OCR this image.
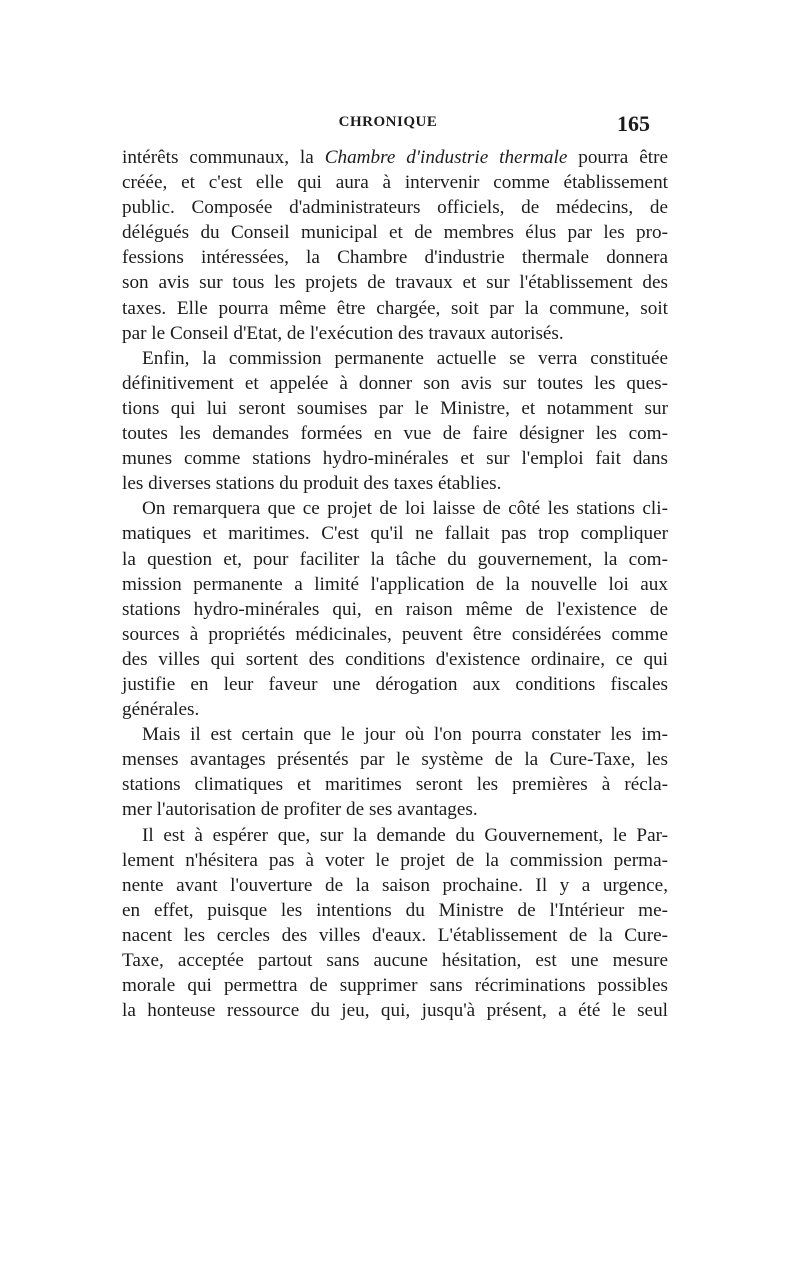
CHRONIQUE	165

intérêts communaux, la Chambre d'industrie thermale pourra être
créée, et c'est elle qui aura à intervenir comme établissement
public. Composée d'administrateurs officiels, de médecins, de
délégués du Conseil municipal et de membres élus par les pro-
fessions intéressées, la Chambre d'industrie thermale donnera
son avis sur tous les projets de travaux et sur l'établissement des
taxes. Elle pourra même être chargée, soit par la commune, soit
par le Conseil d'Etat, de l'exécution des travaux autorisés.

Enfin, la commission permanente actuelle se verra constituée
définitivement et appelée à donner son avis sur toutes les ques-
tions qui lui seront soumises par le Ministre, et notamment sur
toutes les demandes formées en vue de faire désigner les com-
munes comme stations hydro-minérales et sur l'emploi fait dans
les diverses stations du produit des taxes établies.

On remarquera que ce projet de loi laisse de côté les stations cli-
matiques et maritimes. C'est qu'il ne fallait pas trop compliquer
la question et, pour faciliter la tâche du gouvernement, la com-
mission permanente a limité l'application de la nouvelle loi aux
stations hydro-minérales qui, en raison même de l'existence de
sources à propriétés médicinales, peuvent être considérées comme
des villes qui sortent des conditions d'existence ordinaire, ce qui
justifie en leur faveur une dérogation aux conditions fiscales
générales.

Mais il est certain que le jour où l'on pourra constater les im-
menses avantages présentés par le système de la Cure-Taxe, les
stations climatiques et maritimes seront les premières à récla-
mer l'autorisation de profiter de ses avantages.

Il est à espérer que, sur la demande du Gouvernement, le Par-
lement n'hésitera pas à voter le projet de la commission perma-
nente avant l'ouverture de la saison prochaine. Il y a urgence,
en effet, puisque les intentions du Ministre de l'Intérieur me-
nacent les cercles des villes d'eaux. L'établissement de la Cure-
Taxe, acceptée partout sans aucune hésitation, est une mesure
morale qui permettra de supprimer sans récriminations possibles
la honteuse ressource du jeu, qui, jusqu'à présent, a été le seul
